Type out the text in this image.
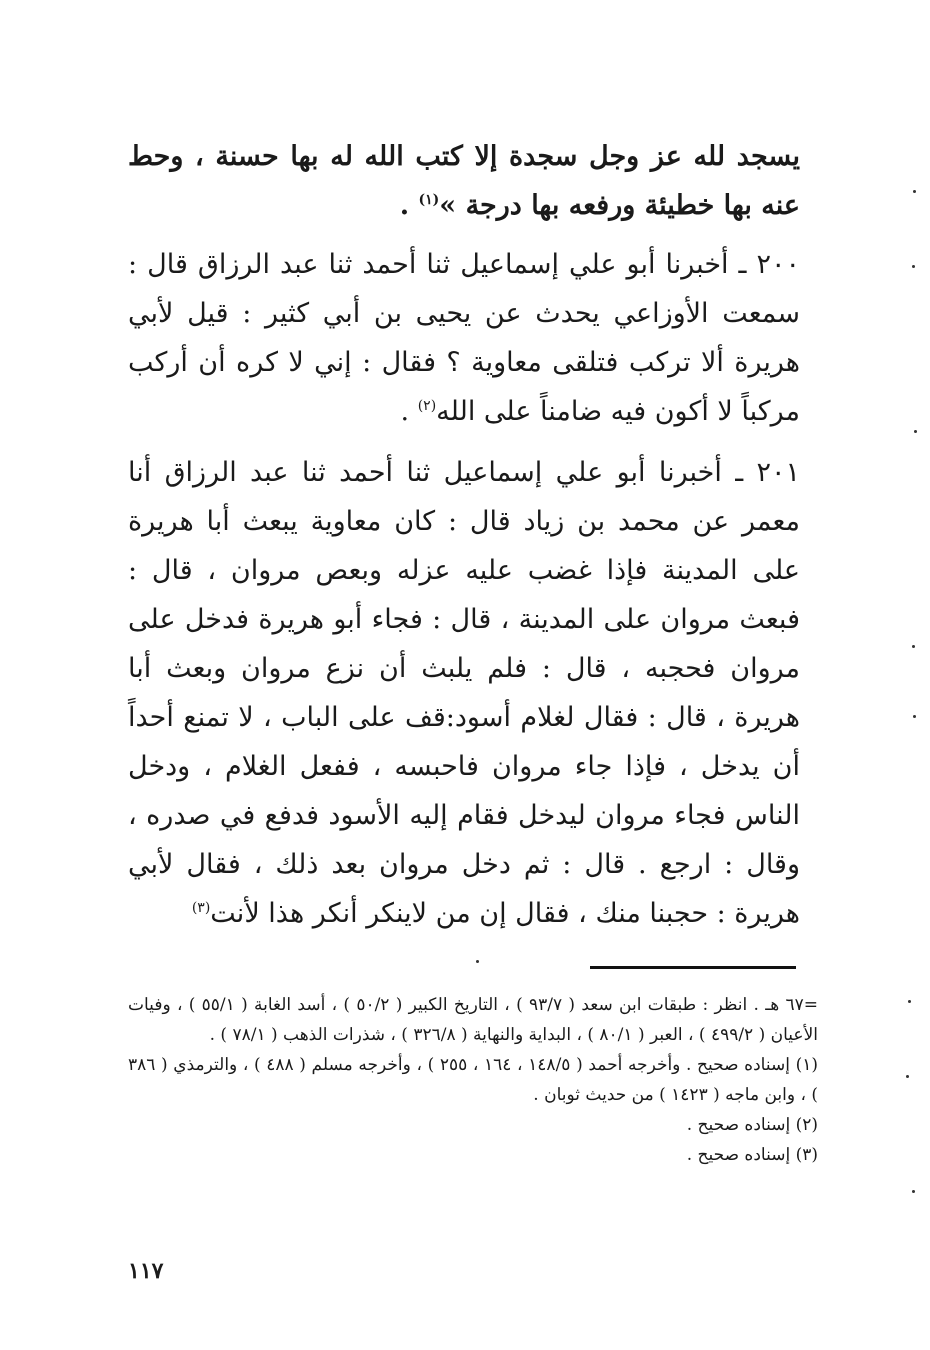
يسجد لله عز وجل سجدة إلا كتب الله له بها حسنة ، وحط عنه بها خطيئة ورفعه بها درجة »$^{(١)}$ .

٢٠٠ ـ أخبرنا أبو علي إسماعيل ثنا أحمد ثنا عبد الرزاق قال : سمعت الأوزاعي يحدث عن يحيى بن أبي كثير : قيل لأبي هريرة ألا تركب فتلقى معاوية ؟ فقال : إني لا كره أن أركب مركباً لا أكون فيه ضامناً على الله$^{(٢)}$ .

٢٠١ ـ أخبرنا أبو علي إسماعيل ثنا أحمد ثنا عبد الرزاق أنا معمر عن محمد بن زياد قال : كان معاوية يبعث أبا هريرة على المدينة فإذا غضب عليه عزله وبعص مروان ، قال : فبعث مروان على المدينة ، قال : فجاء أبو هريرة فدخل على مروان فحجبه ، قال : فلم يلبث أن نزع مروان وبعث أبا هريرة ، قال : فقال لغلام أسود:قف على الباب ، لا تمنع أحداً أن يدخل ، فإذا جاء مروان فاحبسه ، ففعل الغلام ، ودخل الناس فجاء مروان ليدخل فقام إليه الأسود فدفع في صدره ، وقال : ارجع . قال : ثم دخل مروان بعد ذلك ، فقال لأبي هريرة : حجبنا منك ، فقال إن من لاينكر أنكر هذا لأنت$^{(٣)}$

=٦٧ هـ . انظر : طبقات ابن سعد ( ٩٣/٧ ) ، التاريخ الكبير ( ٥٠/٢ ) ، أسد الغابة ( ٥٥/١ ) ، وفيات الأعيان ( ٤٩٩/٢ ) ، العبر ( ٨٠/١ ) ، البداية والنهاية ( ٣٢٦/٨ ) ، شذرات الذهب ( ٧٨/١ ) .

(١) إسناده صحيح . وأخرجه أحمد ( ١٤٨/٥ ، ١٦٤ ، ٢٥٥ ) ، وأخرجه مسلم ( ٤٨٨ ) ، والترمذي ( ٣٨٦ ) ، وابن ماجه ( ١٤٢٣ ) من حديث ثوبان .

(٢) إسناده صحيح .

(٣) إسناده صحيح .

١١٧
